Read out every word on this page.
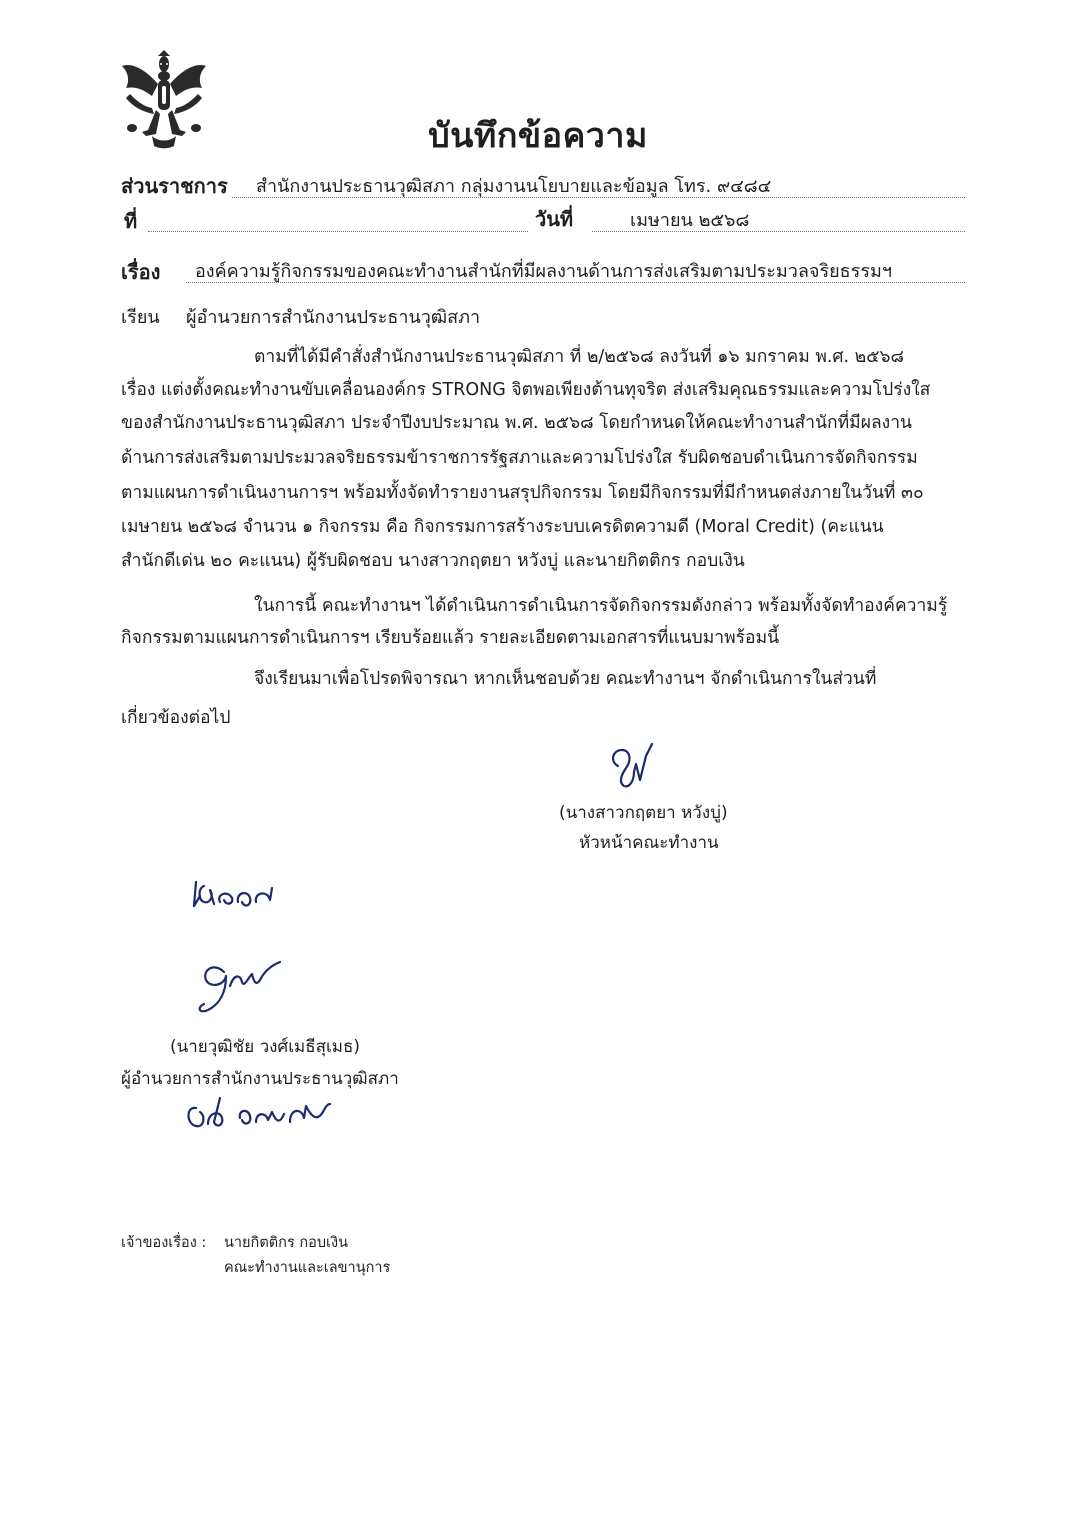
บันทึกข้อความ
ส่วนราชการ สำนักงานประธานวุฒิสภา กลุ่มงานนโยบายและข้อมูล โทร. ๙๔๘๔
ที่	วันที่	เมษายน ๒๕๖๘
เรื่อง องค์ความรู้กิจกรรมของคณะทำงานสำนักที่มีผลงานด้านการส่งเสริมตามประมวลจริยธรรมฯ
เรียน ผู้อำนวยการสำนักงานประธานวุฒิสภา
ตามที่ได้มีคำสั่งสำนักงานประธานวุฒิสภา ที่ ๒/๒๕๖๘ ลงวันที่ ๑๖ มกราคม พ.ศ. ๒๕๖๘
เรื่อง แต่งตั้งคณะทำงานขับเคลื่อนองค์กร STRONG จิตพอเพียงต้านทุจริต ส่งเสริมคุณธรรมและความโปร่งใส
ของสำนักงานประธานวุฒิสภา ประจำปีงบประมาณ พ.ศ. ๒๕๖๘ โดยกำหนดให้คณะทำงานสำนักที่มีผลงาน
ด้านการส่งเสริมตามประมวลจริยธรรมข้าราชการรัฐสภาและความโปร่งใส รับผิดชอบดำเนินการจัดกิจกรรม
ตามแผนการดำเนินงานการฯ พร้อมทั้งจัดทำรายงานสรุปกิจกรรม โดยมีกิจกรรมที่มีกำหนดส่งภายในวันที่ ๓๐
เมษายน ๒๕๖๘ จำนวน ๑ กิจกรรม คือ กิจกรรมการสร้างระบบเครดิตความดี (Moral Credit) (คะแนน
สำนักดีเด่น ๒๐ คะแนน) ผู้รับผิดชอบ นางสาวกฤตยา หวังบู่ และนายกิตติกร กอบเงิน
ในการนี้ คณะทำงานฯ ได้ดำเนินการดำเนินการจัดกิจกรรมดังกล่าว พร้อมทั้งจัดทำองค์ความรู้
กิจกรรมตามแผนการดำเนินการฯ เรียบร้อยแล้ว รายละเอียดตามเอกสารที่แนบมาพร้อมนี้
จึงเรียนมาเพื่อโปรดพิจารณา หากเห็นชอบด้วย คณะทำงานฯ จักดำเนินการในส่วนที่
เกี่ยวข้องต่อไป
(นางสาวกฤตยา หวังบู่)
หัวหน้าคณะทำงาน
ทราบ
(นายวุฒิชัย วงศ์เมธีสุเมธ)
ผู้อำนวยการสำนักงานประธานวุฒิสภา
๒๙ เมษายน
เจ้าของเรื่อง : นายกิตติกร กอบเงิน
คณะทำงานและเลขานุการ
